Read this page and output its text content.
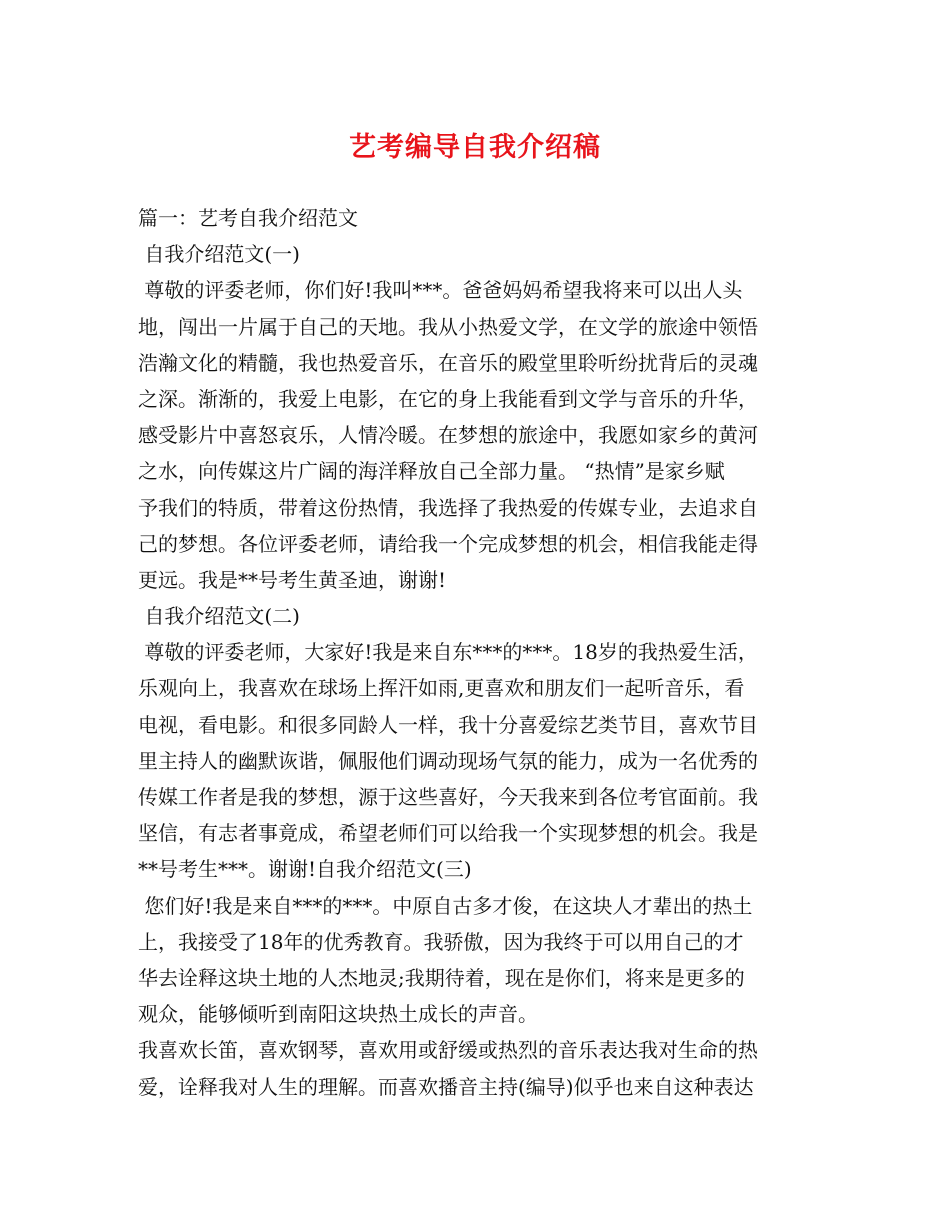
艺考编导自我介绍稿
篇一：艺考自我介绍范文
自我介绍范文(一)
尊敬的评委老师，你们好!我叫***。爸爸妈妈希望我将来可以出人头
地，闯出一片属于自己的天地。我从小热爱文学，在文学的旅途中领悟
浩瀚文化的精髓，我也热爱音乐，在音乐的殿堂里聆听纷扰背后的灵魂
之深。渐渐的，我爱上电影，在它的身上我能看到文学与音乐的升华，
感受影片中喜怒哀乐，人情冷暖。在梦想的旅途中，我愿如家乡的黄河
之水，向传媒这片广阔的海洋释放自己全部力量。 “热情”是家乡赋
予我们的特质，带着这份热情，我选择了我热爱的传媒专业，去追求自
己的梦想。各位评委老师，请给我一个完成梦想的机会，相信我能走得
更远。我是**号考生黄圣迪，谢谢!
自我介绍范文(二)
尊敬的评委老师，大家好!我是来自东***的***。18岁的我热爱生活，
乐观向上，我喜欢在球场上挥汗如雨,更喜欢和朋友们一起听音乐，看
电视，看电影。和很多同龄人一样，我十分喜爱综艺类节目，喜欢节目
里主持人的幽默诙谐，佩服他们调动现场气氛的能力，成为一名优秀的
传媒工作者是我的梦想，源于这些喜好，今天我来到各位考官面前。我
坚信，有志者事竟成，希望老师们可以给我一个实现梦想的机会。我是
**号考生***。谢谢!自我介绍范文(三)
您们好!我是来自***的***。中原自古多才俊，在这块人才辈出的热土
上，我接受了18年的优秀教育。我骄傲，因为我终于可以用自己的才
华去诠释这块土地的人杰地灵;我期待着，现在是你们，将来是更多的
观众，能够倾听到南阳这块热土成长的声音。
我喜欢长笛，喜欢钢琴，喜欢用或舒缓或热烈的音乐表达我对生命的热
爱，诠释我对人生的理解。而喜欢播音主持(编导)似乎也来自这种表达
